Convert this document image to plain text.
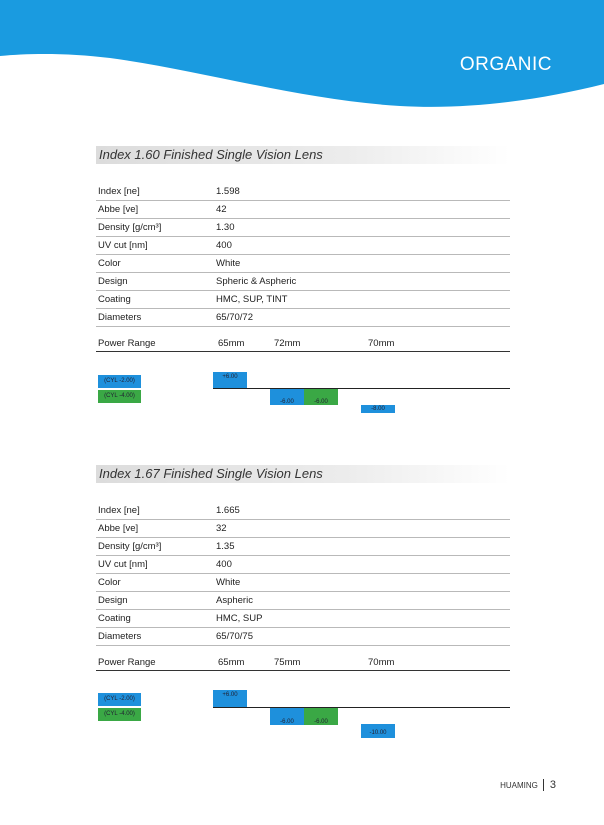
ORGANIC
Index 1.60 Finished Single Vision Lens
Index [ne]	1.598
Abbe [ve]	42
Density [g/cm³]	1.30
UV cut [nm]	400
Color	White
Design	Spheric & Aspheric
Coating	HMC, SUP, TINT
Diameters	65/70/72
Power Range	65mm	72mm	70mm
(CYL -2.00)
(CYL -4.00)
+6.00
-6.00	-6.00
-8.00
Index 1.67 Finished Single Vision Lens
Index [ne]	1.665
Abbe [ve]	32
Density [g/cm³]	1.35
UV cut [nm]	400
Color	White
Design	Aspheric
Coating	HMC, SUP
Diameters	65/70/75
Power Range	65mm	75mm	70mm
(CYL -2.00)
(CYL -4.00)
+6.00
-6.00	-6.00
-10.00
HUAMING 3
